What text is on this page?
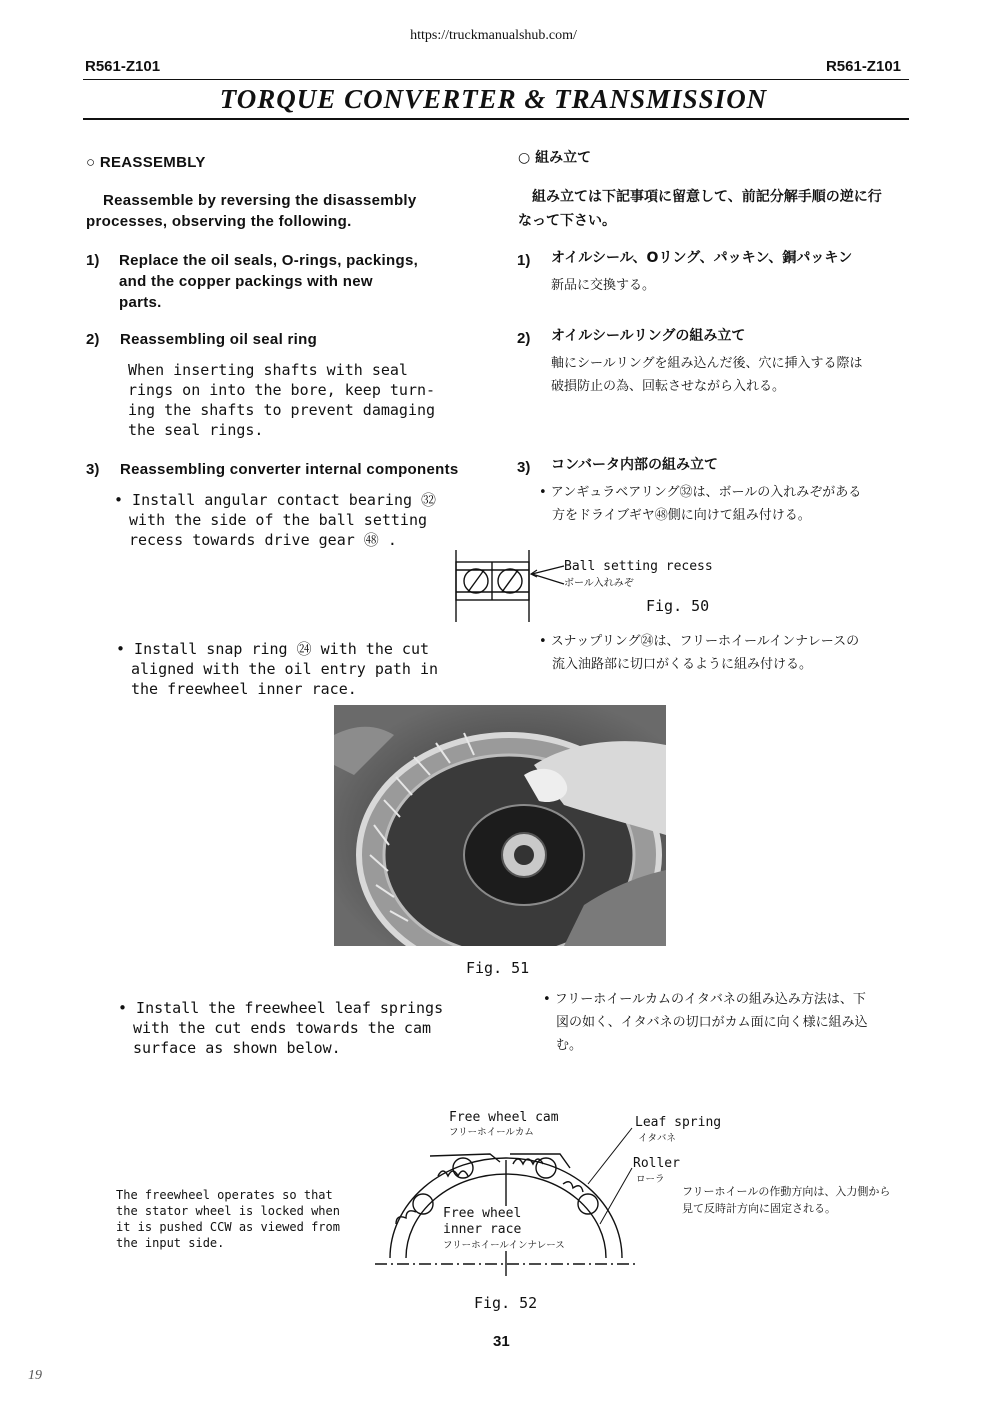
https://truckmanualshub.com/
R561-Z101	R561-Z101
TORQUE CONVERTER & TRANSMISSION
○ REASSEMBLY
Reassemble by reversing the disassembly
processes, observing the following.
1) Replace the oil seals, O-rings, packings,
and the copper packings with new
parts.
2) Reassembling oil seal ring
When inserting shafts with seal
rings on into the bore, keep turn-
ing the shafts to prevent damaging
the seal rings.
3) Reassembling converter internal components
• Install angular contact bearing ㉜
with the side of the ball setting
recess towards drive gear ㊽ .
• Install snap ring ㉔ with the cut
aligned with the oil entry path in
the freewheel inner race.
• Install the freewheel leaf springs
with the cut ends towards the cam
surface as shown below.
The freewheel operates so that
the stator wheel is locked when
it is pushed CCW as viewed from
the input side.
○ 組み立て
組み立ては下記事項に留意して、前記分解手順の逆に行
なって下さい。
1) オイルシール、Oリング、パッキン、銅パッキン
新品に交換する。
2) オイルシールリングの組み立て
軸にシールリングを組み込んだ後、穴に挿入する際は
破損防止の為、回転させながら入れる。
3) コンバータ内部の組み立て
• アンギュラベアリング㉜は、ボールの入れみぞがある
方をドライブギヤ㊽側に向けて組み付ける。
• スナップリング㉔は、フリーホイールインナレースの
流入油路部に切口がくるように組み付ける。
• フリーホイールカムのイタバネの組み込み方法は、下
図の如く、イタバネの切口がカム面に向く様に組み込
む。
フリーホイールの作動方向は、入力側から
見て反時計方向に固定される。
Ball setting recess
ボール入れみぞ
Fig. 50
Fig. 51
Free wheel cam
フリーホイールカム
Leaf spring
イタバネ
Roller
ローラ
Free wheel
inner race
フリーホイールインナレース
Fig. 52
31
19
